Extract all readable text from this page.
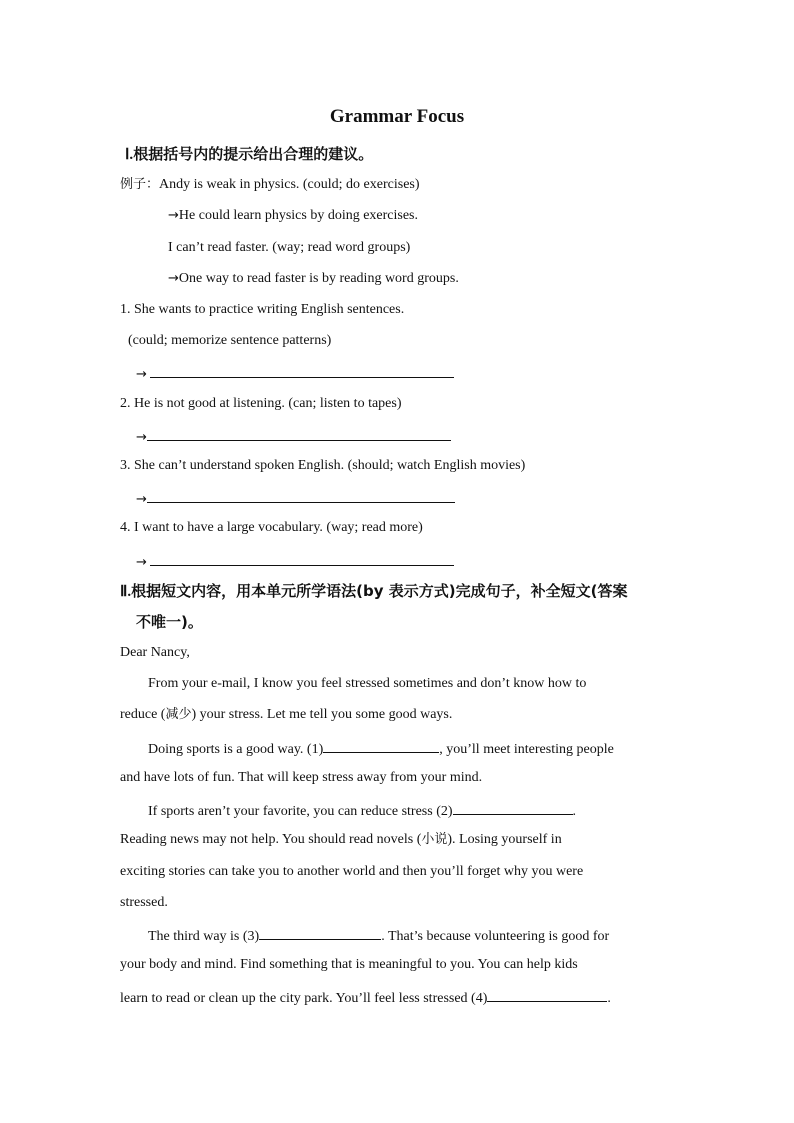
Grammar Focus
Ⅰ.根据括号内的提示给出合理的建议。
例子：Andy is weak in physics. (could; do exercises)
→He could learn physics by doing exercises.
I can’t read faster. (way; read word groups)
→One way to read faster is by reading word groups.
1. She wants to practice writing English sentences.
(could; memorize sentence patterns)
→
2. He is not good at listening. (can; listen to tapes)
→
3. She can’t understand spoken English. (should; watch English movies)
→
4. I want to have a large vocabulary. (way; read more)
→
Ⅱ.根据短文内容，用本单元所学语法(by 表示方式)完成句子，补全短文(答案
不唯一)。
Dear Nancy,
From your e-mail, I know you feel stressed sometimes and don’t know how to
reduce (减少) your stress. Let me tell you some good ways.
Doing sports is a good way. (1)	, you’ll meet interesting people
and have lots of fun. That will keep stress away from your mind.
If sports aren’t your favorite, you can reduce stress (2)	.
Reading news may not help. You should read novels (小说). Losing yourself in
exciting stories can take you to another world and then you’ll forget why you were
stressed.
The third way is (3)	. That’s because volunteering is good for
your body and mind. Find something that is meaningful to you. You can help kids
learn to read or clean up the city park. You’ll feel less stressed (4)	.
